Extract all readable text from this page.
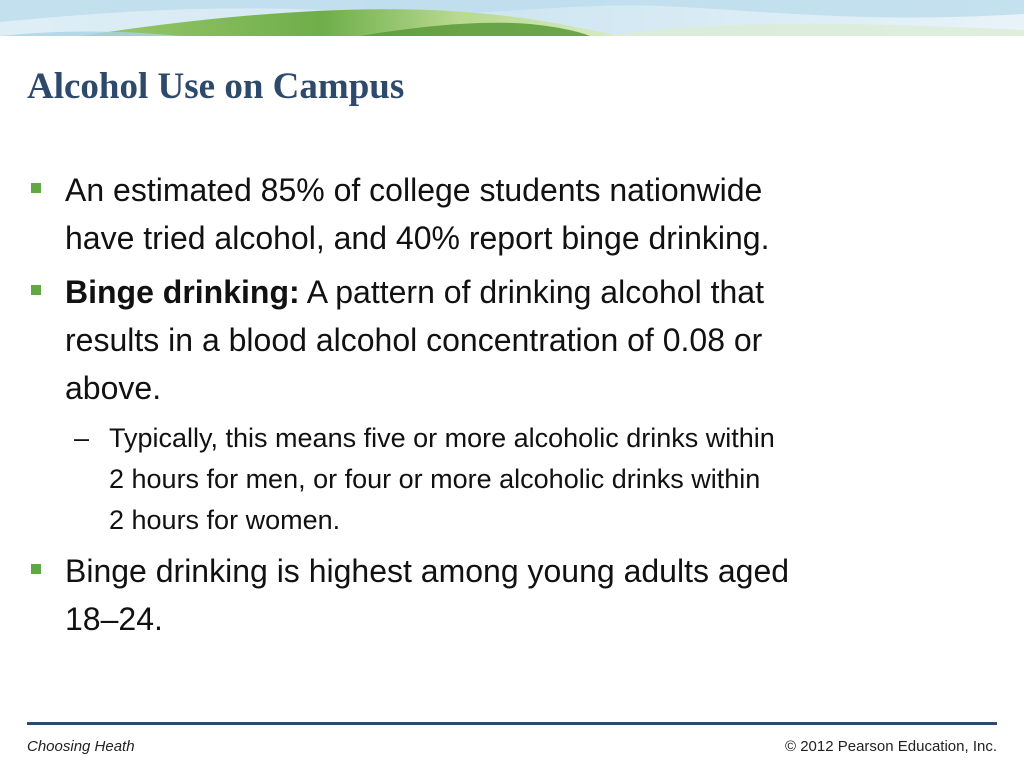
Alcohol Use on Campus
An estimated 85% of college students nationwide
have tried alcohol, and 40% report binge drinking.
Binge drinking: A pattern of drinking alcohol that
results in a blood alcohol concentration of 0.08 or
above.
– Typically, this means five or more alcoholic drinks within
2 hours for men, or four or more alcoholic drinks within
2 hours for women.
Binge drinking is highest among young adults aged
18–24.
Choosing Heath	© 2012 Pearson Education, Inc.
